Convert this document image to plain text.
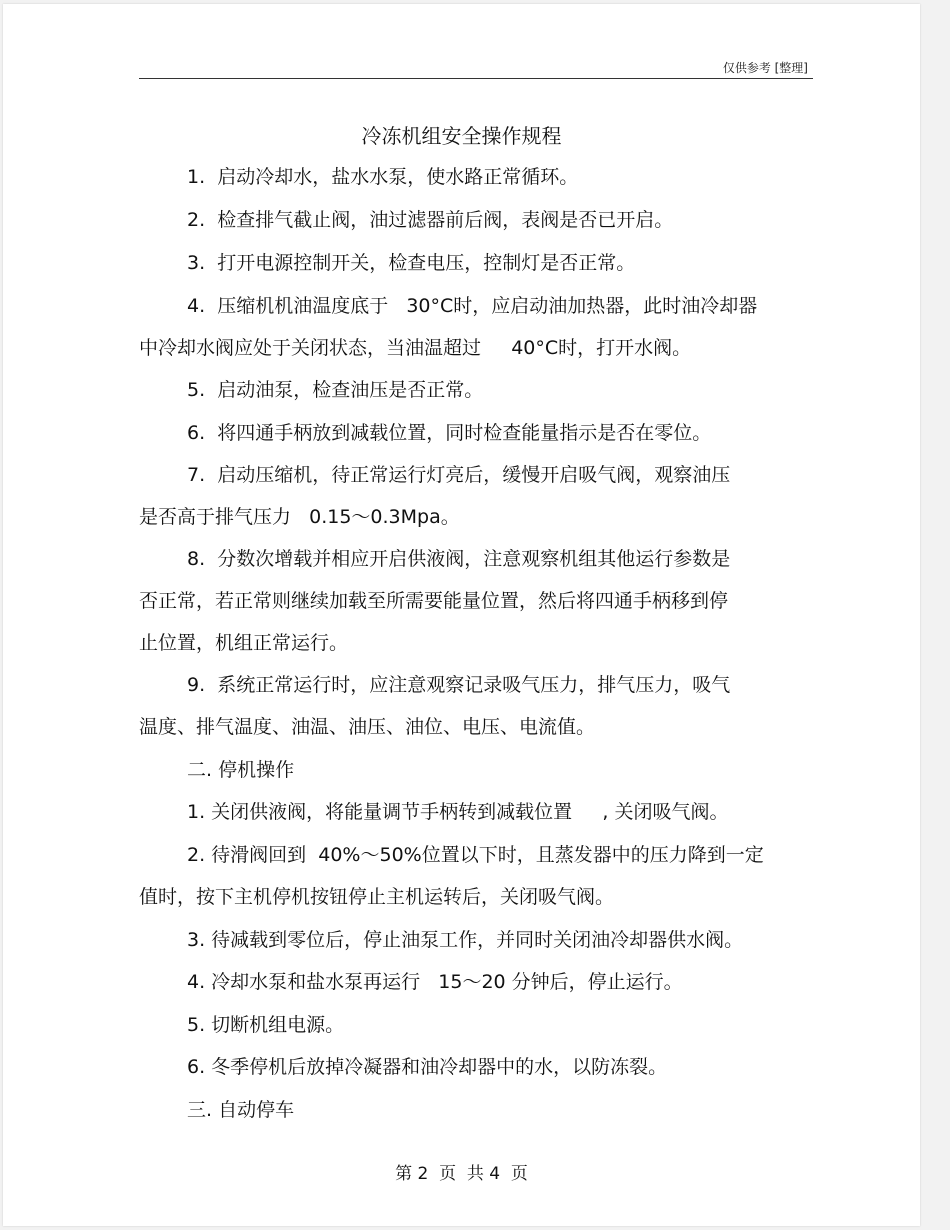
仅供参考 [整理]
冷冻机组安全操作规程
1.  启动冷却水，盐水水泵，使水路正常循环。
2.  检查排气截止阀，油过滤器前后阀，表阀是否已开启。
3.  打开电源控制开关，检查电压，控制灯是否正常。
4.  压缩机机油温度底于   30°C时，应启动油加热器，此时油冷却器
中冷却水阀应处于关闭状态，当油温超过     40°C时，打开水阀。
5.  启动油泵，检查油压是否正常。
6.  将四通手柄放到减载位置，同时检查能量指示是否在零位。
7.  启动压缩机，待正常运行灯亮后，缓慢开启吸气阀，观察油压
是否高于排气压力   0.15～0.3Mpa。
8.  分数次增载并相应开启供液阀，注意观察机组其他运行参数是
否正常，若正常则继续加载至所需要能量位置，然后将四通手柄移到停
止位置，机组正常运行。
9.  系统正常运行时，应注意观察记录吸气压力，排气压力，吸气
温度、排气温度、油温、油压、油位、电压、电流值。
二. 停机操作
1. 关闭供液阀，将能量调节手柄转到减载位置     , 关闭吸气阀。
2. 待滑阀回到  40%～50%位置以下时，且蒸发器中的压力降到一定
值时，按下主机停机按钮停止主机运转后，关闭吸气阀。
3. 待减载到零位后，停止油泵工作，并同时关闭油冷却器供水阀。
4. 冷却水泵和盐水泵再运行   15～20 分钟后，停止运行。
5. 切断机组电源。
6. 冬季停机后放掉冷凝器和油冷却器中的水，以防冻裂。
三. 自动停车
第 2  页  共 4  页
